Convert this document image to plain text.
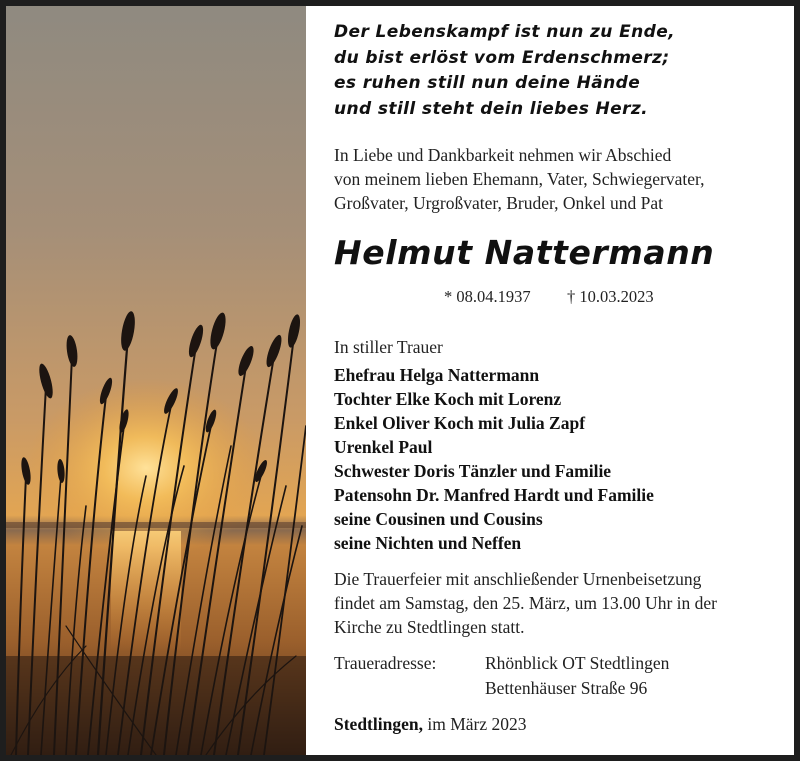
Der Lebenskampf ist nun zu Ende,
du bist erlöst vom Erdenschmerz;
es ruhen still nun deine Hände
und still steht dein liebes Herz.
In Liebe und Dankbarkeit nehmen wir Abschied
von meinem lieben Ehemann, Vater, Schwiegervater,
Großvater, Urgroßvater, Bruder, Onkel und Pat
Helmut Nattermann
* 08.04.1937 † 10.03.2023
In stiller Trauer
Ehefrau Helga Nattermann
Tochter Elke Koch mit Lorenz
Enkel Oliver Koch mit Julia Zapf
Urenkel Paul
Schwester Doris Tänzler und Familie
Patensohn Dr. Manfred Hardt und Familie
seine Cousinen und Cousins
seine Nichten und Neffen
Die Trauerfeier mit anschließender Urnenbeisetzung
findet am Samstag, den 25. März, um 13.00 Uhr in der
Kirche zu Stedtlingen statt.
Traueradresse:	Rhönblick OT Stedtlingen
Bettenhäuser Straße 96
Stedtlingen, im März 2023
